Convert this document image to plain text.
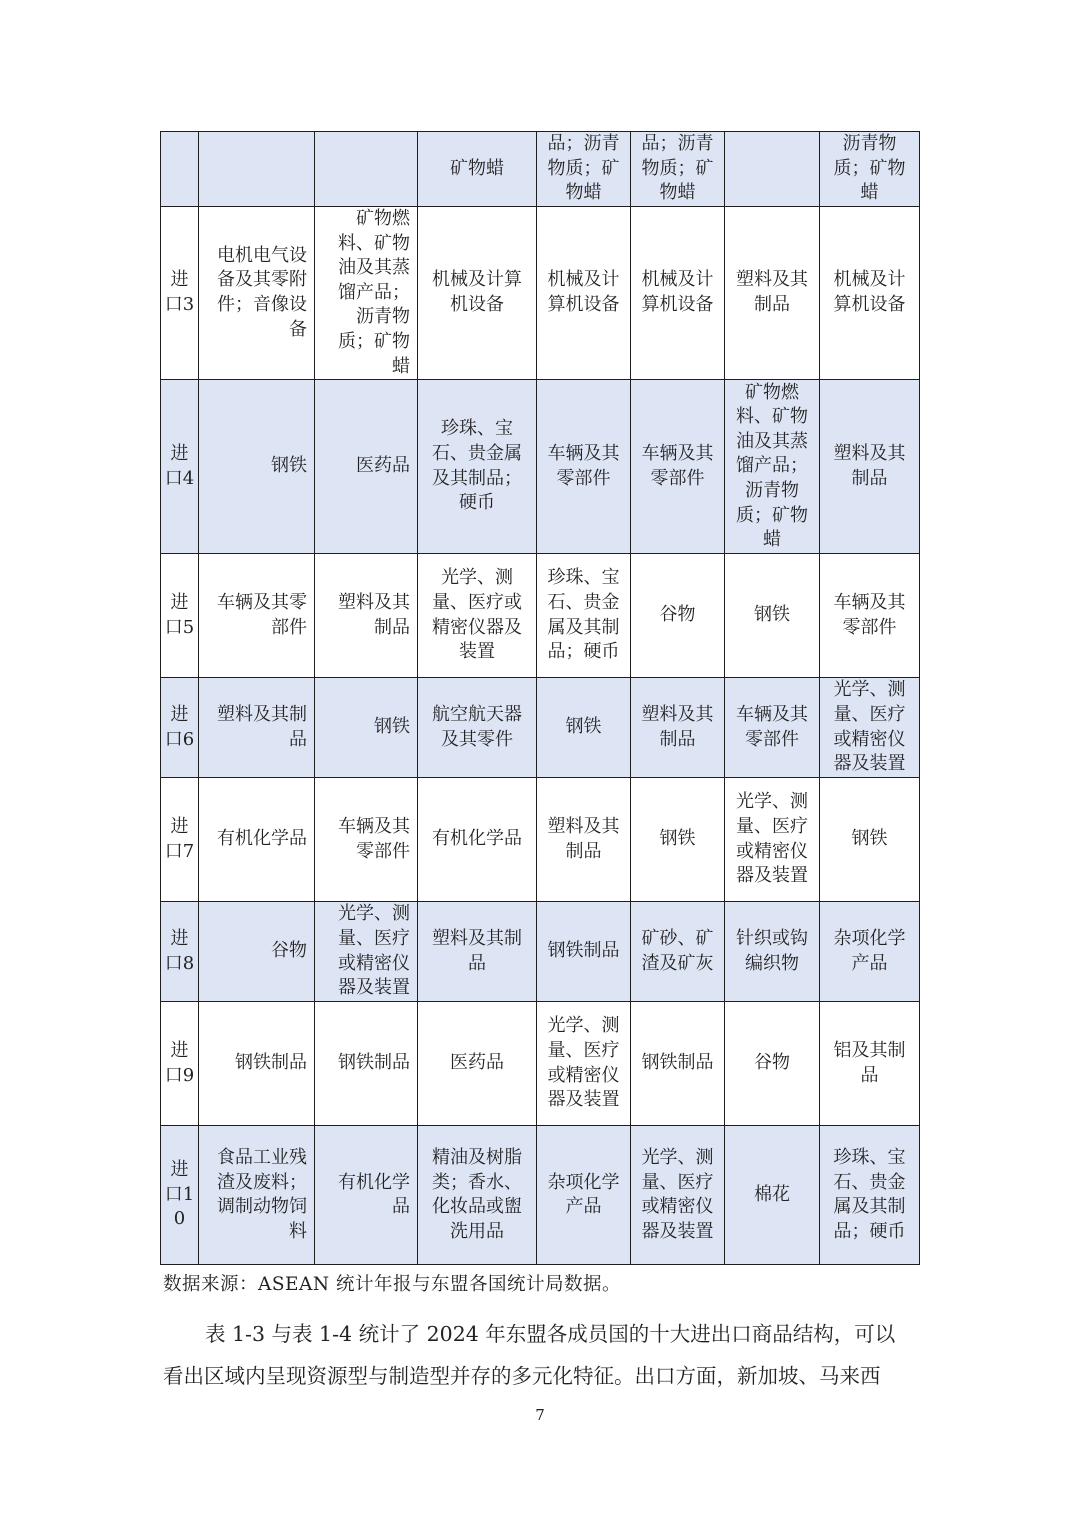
			矿物蜡	品；沥青物质；矿物蜡	品；沥青物质；矿物蜡		沥青物质；矿物蜡
进口3	电机电气设备及其零附件；音像设备	矿物燃料、矿物油及其蒸馏产品；沥青物质；矿物蜡	机械及计算机设备	机械及计算机设备	机械及计算机设备	塑料及其制品	机械及计算机设备
进口4	钢铁	医药品	珍珠、宝石、贵金属及其制品；硬币	车辆及其零部件	车辆及其零部件	矿物燃料、矿物油及其蒸馏产品；沥青物质；矿物蜡	塑料及其制品
进口5	车辆及其零部件	塑料及其制品	光学、测量、医疗或精密仪器及装置	珍珠、宝石、贵金属及其制品；硬币	谷物	钢铁	车辆及其零部件
进口6	塑料及其制品	钢铁	航空航天器及其零件	钢铁	塑料及其制品	车辆及其零部件	光学、测量、医疗或精密仪器及装置
进口7	有机化学品	车辆及其零部件	有机化学品	塑料及其制品	钢铁	光学、测量、医疗或精密仪器及装置	钢铁
进口8	谷物	光学、测量、医疗或精密仪器及装置	塑料及其制品	钢铁制品	矿砂、矿渣及矿灰	针织或钩编织物	杂项化学产品
进口9	钢铁制品	钢铁制品	医药品	光学、测量、医疗或精密仪器及装置	钢铁制品	谷物	铝及其制品
进口10	食品工业残渣及废料；调制动物饲料	有机化学品	精油及树脂类；香水、化妆品或盥洗用品	杂项化学产品	光学、测量、医疗或精密仪器及装置	棉花	珍珠、宝石、贵金属及其制品；硬币
数据来源：ASEAN 统计年报与东盟各国统计局数据。

表 1-3 与表 1-4 统计了 2024 年东盟各成员国的十大进出口商品结构，可以

看出区域内呈现资源型与制造型并存的多元化特征。出口方面，新加坡、马来西

7
